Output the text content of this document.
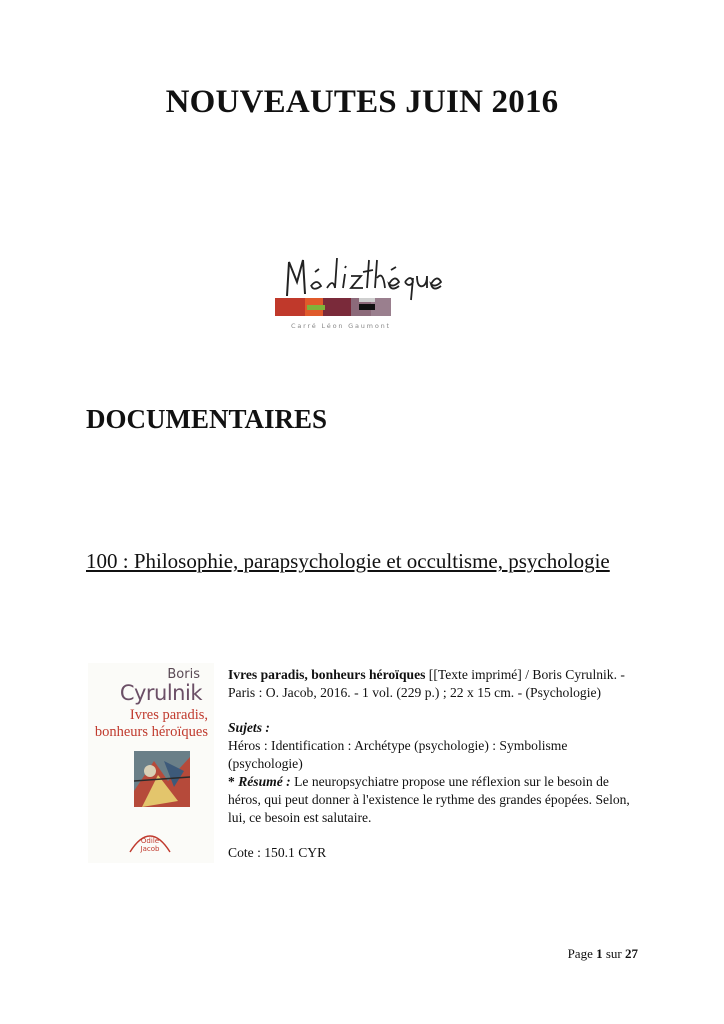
NOUVEAUTES JUIN 2016
Carré Léon Gaumont
DOCUMENTAIRES
100 : Philosophie, parapsychologie et occultisme, psychologie
Boris
Cyrulnik
Ivres paradis,
bonheurs héroïques
Odile
Jacob

Ivres paradis, bonheurs héroïques [[Texte imprimé] / Boris Cyrulnik. - Paris : O. Jacob, 2016. - 1 vol. (229 p.) ; 22 x 15 cm. - (Psychologie)

Sujets :

Héros : Identification : Archétype (psychologie) : Symbolisme (psychologie)

* Résumé : Le neuropsychiatre propose une réflexion sur le besoin de héros, qui peut donner à l'existence le rythme des grandes épopées. Selon, lui, ce besoin est salutaire.

Cote : 150.1 CYR

Page 1 sur 27
